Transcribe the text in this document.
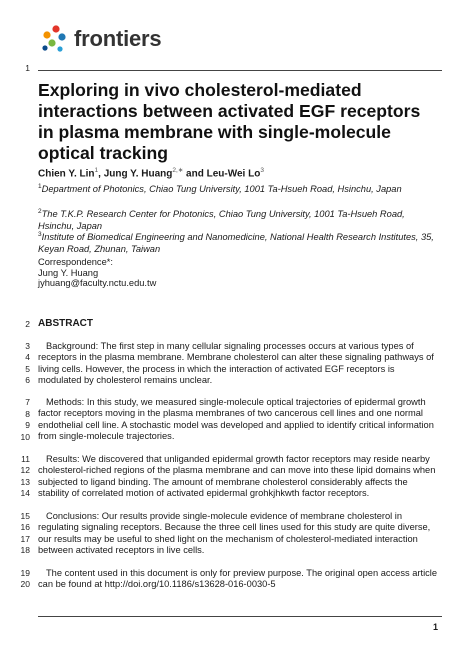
frontiers
1
2
3
4
5
6
7
8
9
10
11
12
13
14
15
16
17
18
19
20
Exploring in vivo cholesterol-mediated interactions between activated EGF receptors in plasma membrane with single-molecule optical tracking
Chien Y. Lin$^1$, Jung Y. Huang$^{2,∗}$ and Leu-Wei Lo$^3$
$^1$Department of Photonics, Chiao Tung University, 1001 Ta-Hsueh Road, Hsinchu, Japan
$^2$The T.K.P. Research Center for Photonics, Chiao Tung University, 1001 Ta-Hsueh Road, Hsinchu, Japan
$^3$Institute of Biomedical Engineering and Nanomedicine, National Health Research Institutes, 35, Keyan Road, Zhunan, Taiwan
Correspondence*:
Jung Y. Huang
jyhuang@faculty.nctu.edu.tw
ABSTRACT

Background: The first step in many cellular signaling processes occurs at various types of receptors in the plasma membrane. Membrane cholesterol can alter these signaling pathways of living cells. However, the process in which the interaction of activated EGF receptors is modulated by cholesterol remains unclear.

Methods: In this study, we measured single-molecule optical trajectories of epidermal growth factor receptors moving in the plasma membranes of two cancerous cell lines and one normal endothelial cell line. A stochastic model was developed and applied to identify critical information from single-molecule trajectories.

Results: We discovered that unliganded epidermal growth factor receptors may reside nearby cholesterol-riched regions of the plasma membrane and can move into these lipid domains when subjected to ligand binding. The amount of membrane cholesterol considerably affects the stability of correlated motion of activated epidermal grohkjhkwth factor receptors.

Conclusions: Our results provide single-molecule evidence of membrane cholesterol in regulating signaling receptors. Because the three cell lines used for this study are quite diverse, our results may be useful to shed light on the mechanism of cholesterol-mediated interaction between activated receptors in live cells.

The content used in this document is only for preview purpose. The original open access article can be found at http://doi.org/10.1186/s13628-016-0030-5

1
